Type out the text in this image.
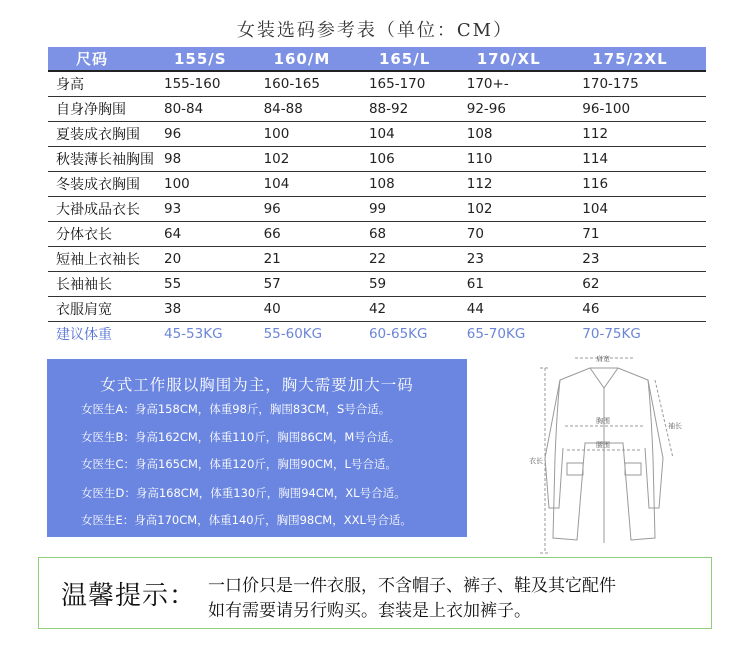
女装选码参考表（单位：CM）
尺码	155/S	160/M	165/L	170/XL	175/2XL
身高	155-160	160-165	165-170	170+-	170-175
自身净胸围	80-84	84-88	88-92	92-96	96-100
夏装成衣胸围	96	100	104	108	112
秋装薄长袖胸围	98	102	106	110	114
冬装成衣胸围	100	104	108	112	116
大褂成品衣长	93	96	99	102	104
分体衣长	64	66	68	70	71
短袖上衣袖长	20	21	22	23	23
长袖袖长	55	57	59	61	62
衣服肩宽	38	40	42	44	46
建议体重	45-53KG	55-60KG	60-65KG	65-70KG	70-75KG
女式工作服以胸围为主，胸大需要加大一码
女医生A：身高158CM，体重98斤，胸围83CM，S号合适。
女医生B：身高162CM，体重110斤，胸围86CM，M号合适。
女医生C：身高165CM，体重120斤，胸围90CM，L号合适。
女医生D：身高168CM，体重130斤，胸围94CM，XL号合适。
女医生E：身高170CM，体重140斤，胸围98CM，XXL号合适。
肩宽
胸围
腰围
衣长
袖长
温馨提示： 一口价只是一件衣服，不含帽子、裤子、鞋及其它配件
如有需要请另行购买。套装是上衣加裤子。
